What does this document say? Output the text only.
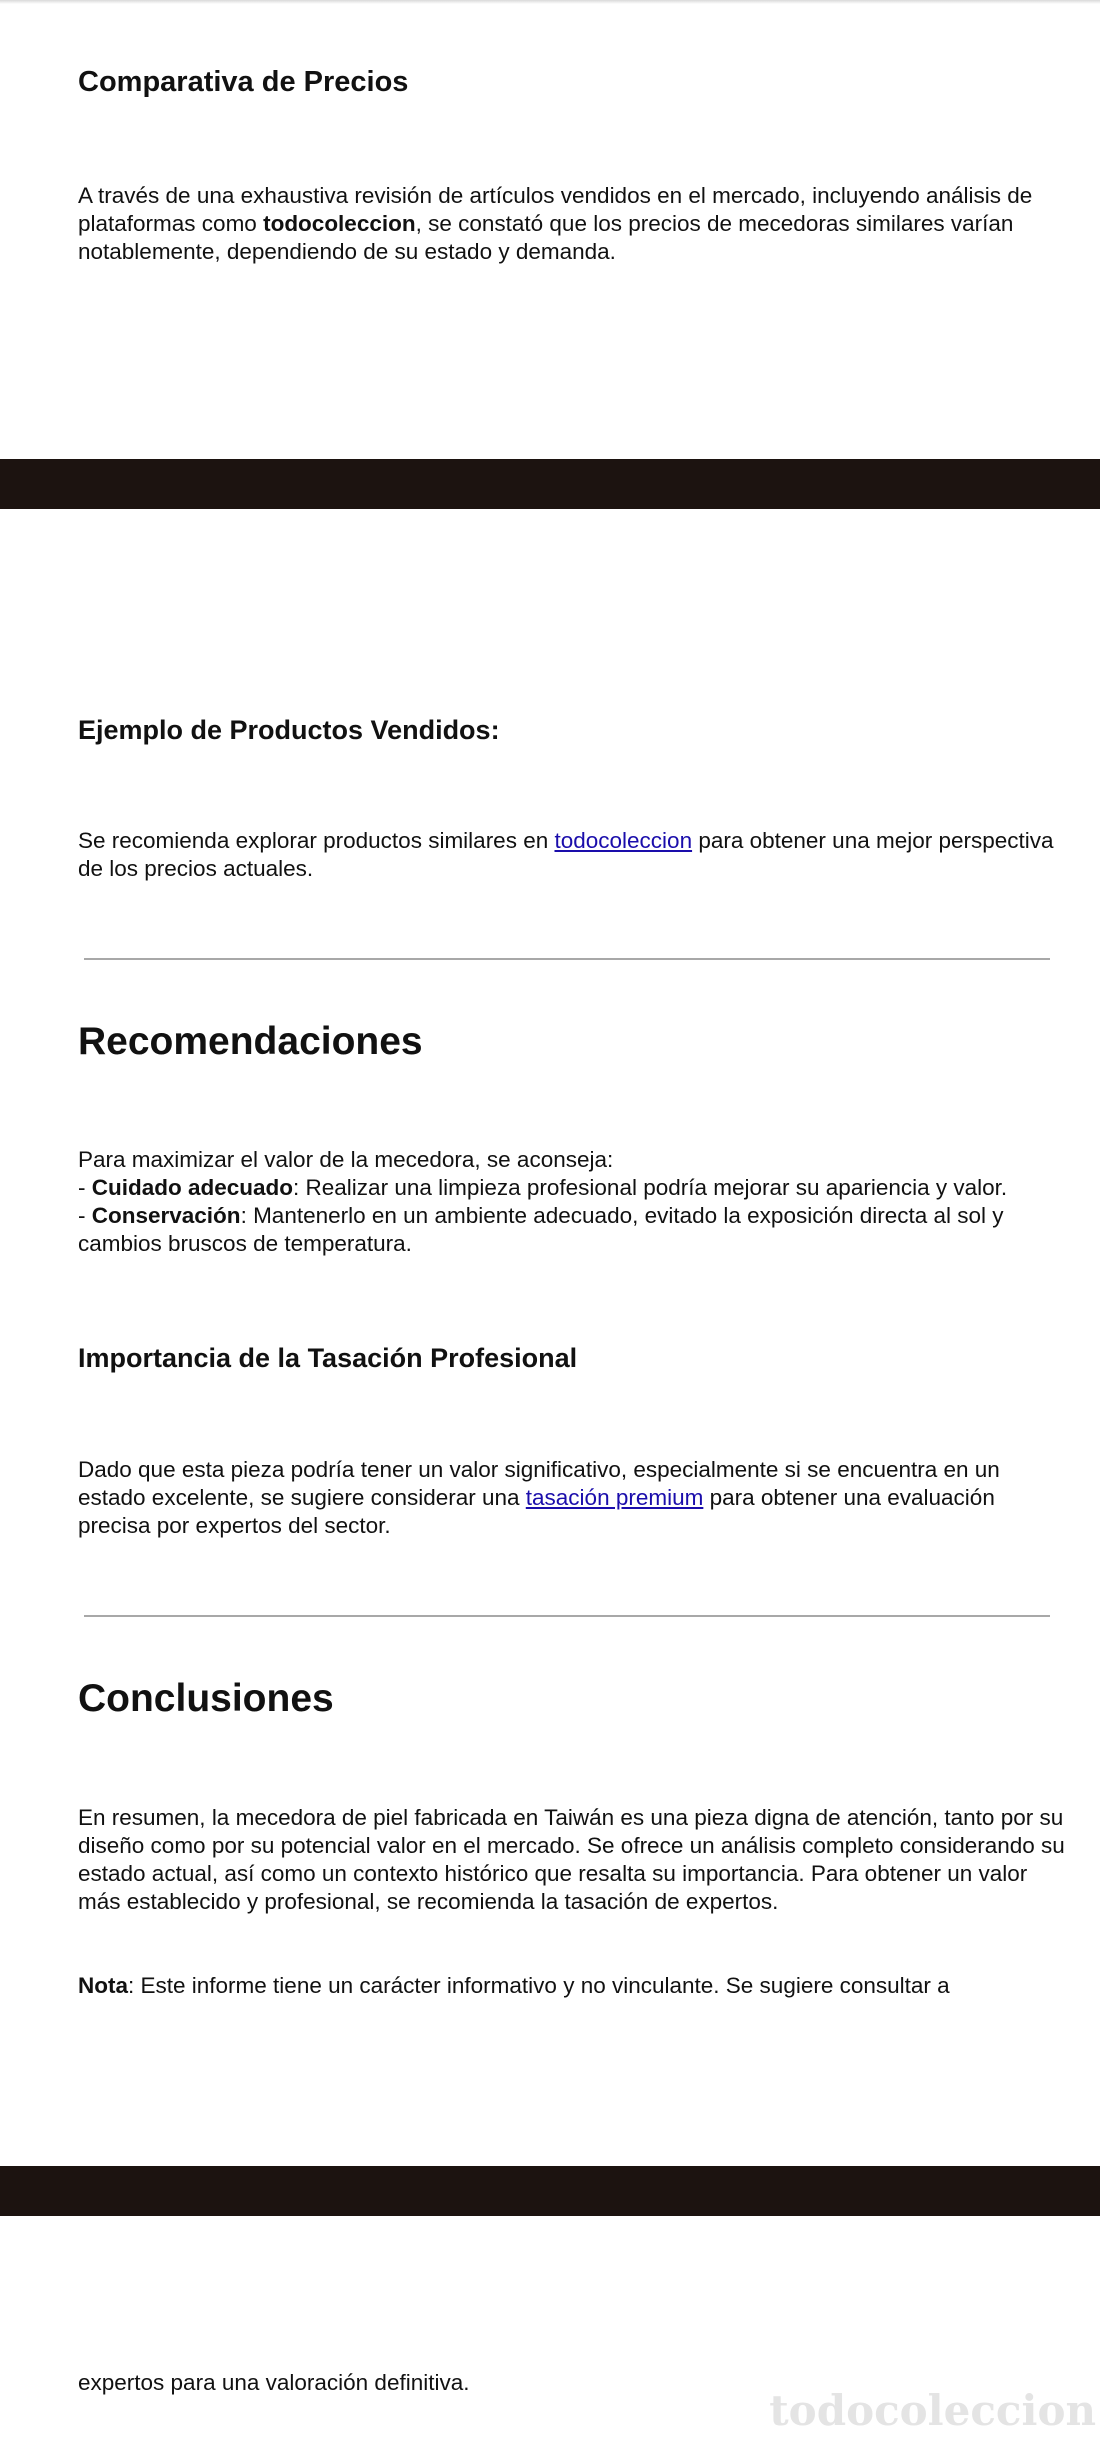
Comparativa de Precios

A través de una exhaustiva revisión de artículos vendidos en el mercado, incluyendo análisis de plataformas como todocoleccion, se constató que los precios de mecedoras similares varían notablemente, dependiendo de su estado y demanda.

Ejemplo de Productos Vendidos:

Se recomienda explorar productos similares en todocoleccion para obtener una mejor perspectiva de los precios actuales.

Recomendaciones

Para maximizar el valor de la mecedora, se aconseja:

- Cuidado adecuado: Realizar una limpieza profesional podría mejorar su apariencia y valor.

- Conservación: Mantenerlo en un ambiente adecuado, evitado la exposición directa al sol y cambios bruscos de temperatura.

Importancia de la Tasación Profesional

Dado que esta pieza podría tener un valor significativo, especialmente si se encuentra en un estado excelente, se sugiere considerar una tasación premium para obtener una evaluación precisa por expertos del sector.

Conclusiones

En resumen, la mecedora de piel fabricada en Taiwán es una pieza digna de atención, tanto por su diseño como por su potencial valor en el mercado. Se ofrece un análisis completo considerando su estado actual, así como un contexto histórico que resalta su importancia. Para obtener un valor más establecido y profesional, se recomienda la tasación de expertos.

Nota: Este informe tiene un carácter informativo y no vinculante. Se sugiere consultar a

expertos para una valoración definitiva.

todocoleccion
